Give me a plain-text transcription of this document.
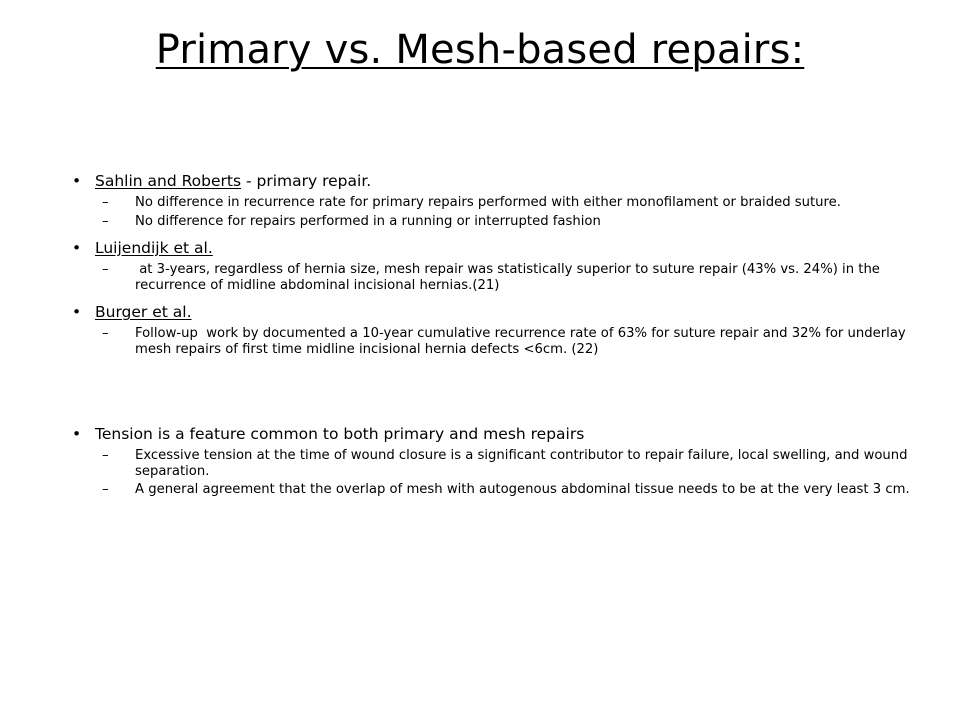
Primary vs. Mesh-based repairs:
• Sahlin and Roberts - primary repair.
– No difference in recurrence rate for primary repairs performed with either monofilament or braided suture.
– No difference for repairs performed in a running or interrupted fashion
• Luijendijk et al.
–  at 3-years, regardless of hernia size, mesh repair was statistically superior to suture repair (43% vs. 24%) in the recurrence of midline abdominal incisional hernias.(21)
• Burger et al.
– Follow-up  work by documented a 10-year cumulative recurrence rate of 63% for suture repair and 32% for underlay mesh repairs of first time midline incisional hernia defects <6cm. (22)
• Tension is a feature common to both primary and mesh repairs
– Excessive tension at the time of wound closure is a significant contributor to repair failure, local swelling, and wound separation.
– A general agreement that the overlap of mesh with autogenous abdominal tissue needs to be at the very least 3 cm.
